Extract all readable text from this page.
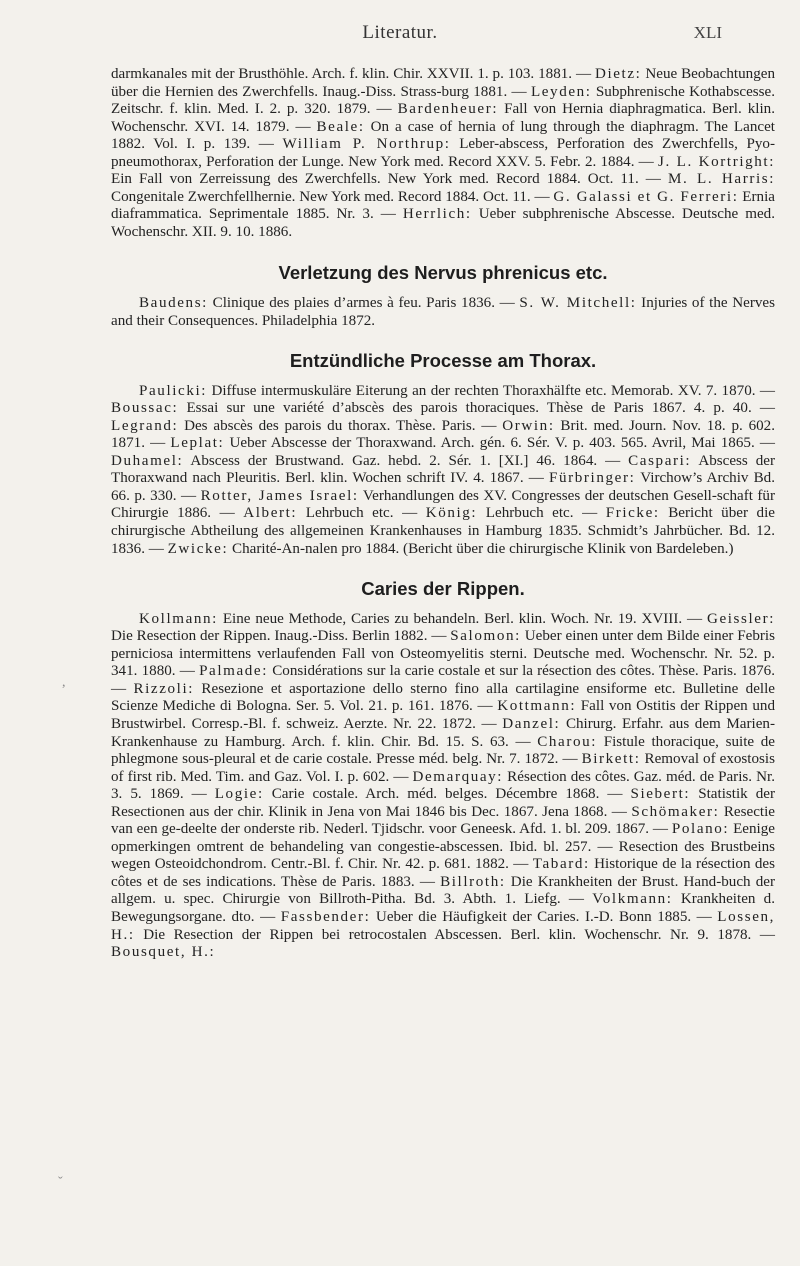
Literatur.	XLI

darmkanales mit der Brusthöhle. Arch. f. klin. Chir. XXVII. 1. p. 103. 1881. — Dietz: Neue Beobachtungen über die Hernien des Zwerchfells. Inaug.-Diss. Strass-burg 1881. — Leyden: Subphrenische Kothabscesse. Zeitschr. f. klin. Med. I. 2. p. 320. 1879. — Bardenheuer: Fall von Hernia diaphragmatica. Berl. klin. Wochenschr. XVI. 14. 1879. — Beale: On a case of hernia of lung through the diaphragm. The Lancet 1882. Vol. I. p. 139. — William P. Northrup: Leber-abscess, Perforation des Zwerchfells, Pyo-pneumothorax, Perforation der Lunge. New York med. Record XXV. 5. Febr. 2. 1884. — J. L. Kortright: Ein Fall von Zerreissung des Zwerchfells. New York med. Record 1884. Oct. 11. — M. L. Harris: Congenitale Zwerchfellhernie. New York med. Record 1884. Oct. 11. — G. Galassi et G. Ferreri: Ernia diaframmatica. Seprimentale 1885. Nr. 3. — Herrlich: Ueber subphrenische Abscesse. Deutsche med. Wochenschr. XII. 9. 10. 1886.

Verletzung des Nervus phrenicus etc.

Baudens: Clinique des plaies d’armes à feu. Paris 1836. — S. W. Mitchell: Injuries of the Nerves and their Consequences. Philadelphia 1872.

Entzündliche Processe am Thorax.

Paulicki: Diffuse intermuskuläre Eiterung an der rechten Thoraxhälfte etc. Memorab. XV. 7. 1870. — Boussac: Essai sur une variété d’abscès des parois thoraciques. Thèse de Paris 1867. 4. p. 40. — Legrand: Des abscès des parois du thorax. Thèse. Paris. — Orwin: Brit. med. Journ. Nov. 18. p. 602. 1871. — Leplat: Ueber Abscesse der Thoraxwand. Arch. gén. 6. Sér. V. p. 403. 565. Avril, Mai 1865. — Duhamel: Abscess der Brustwand. Gaz. hebd. 2. Sér. 1. [XI.] 46. 1864. — Caspari: Abscess der Thoraxwand nach Pleuritis. Berl. klin. Wochen schrift IV. 4. 1867. — Fürbringer: Virchow’s Archiv Bd. 66. p. 330. — Rotter, James Israel: Verhandlungen des XV. Congresses der deutschen Gesell-schaft für Chirurgie 1886. — Albert: Lehrbuch etc. — König: Lehrbuch etc. — Fricke: Bericht über die chirurgische Abtheilung des allgemeinen Krankenhauses in Hamburg 1835. Schmidt’s Jahrbücher. Bd. 12. 1836. — Zwicke: Charité-An-nalen pro 1884. (Bericht über die chirurgische Klinik von Bardeleben.)

Caries der Rippen.

Kollmann: Eine neue Methode, Caries zu behandeln. Berl. klin. Woch. Nr. 19. XVIII. — Geissler: Die Resection der Rippen. Inaug.-Diss. Berlin 1882. — Salomon: Ueber einen unter dem Bilde einer Febris perniciosa intermittens verlaufenden Fall von Osteomyelitis sterni. Deutsche med. Wochenschr. Nr. 52. p. 341. 1880. — Palmade: Considérations sur la carie costale et sur la résection des côtes. Thèse. Paris. 1876. — Rizzoli: Resezione et asportazione dello sterno fino alla cartilagine ensiforme etc. Bulletine delle Scienze Mediche di Bologna. Ser. 5. Vol. 21. p. 161. 1876. — Kottmann: Fall von Ostitis der Rippen und Brustwirbel. Corresp.-Bl. f. schweiz. Aerzte. Nr. 22. 1872. — Danzel: Chirurg. Erfahr. aus dem Marien-Krankenhause zu Hamburg. Arch. f. klin. Chir. Bd. 15. S. 63. — Charou: Fistule thoracique, suite de phlegmone sous-pleural et de carie costale. Presse méd. belg. Nr. 7. 1872. — Birkett: Removal of exostosis of first rib. Med. Tim. and Gaz. Vol. I. p. 602. — Demarquay: Résection des côtes. Gaz. méd. de Paris. Nr. 3. 5. 1869. — Logie: Carie costale. Arch. méd. belges. Décembre 1868. — Siebert: Statistik der Resectionen aus der chir. Klinik in Jena von Mai 1846 bis Dec. 1867. Jena 1868. — Schömaker: Resectie van een ge-deelte der onderste rib. Nederl. Tjidschr. voor Geneesk. Afd. 1. bl. 209. 1867. — Polano: Eenige opmerkingen omtrent de behandeling van congestie-abscessen. Ibid. bl. 257. — Resection des Brustbeins wegen Osteoidchondrom. Centr.-Bl. f. Chir. Nr. 42. p. 681. 1882. — Tabard: Historique de la résection des côtes et de ses indications. Thèse de Paris. 1883. — Billroth: Die Krankheiten der Brust. Hand-buch der allgem. u. spec. Chirurgie von Billroth-Pitha. Bd. 3. Abth. 1. Liefg. — Volkmann: Krankheiten d. Bewegungsorgane. dto. — Fassbender: Ueber die Häufigkeit der Caries. I.-D. Bonn 1885. — Lossen, H.: Die Resection der Rippen bei retrocostalen Abscessen. Berl. klin. Wochenschr. Nr. 9. 1878. — Bousquet, H.:

,
ˇ
